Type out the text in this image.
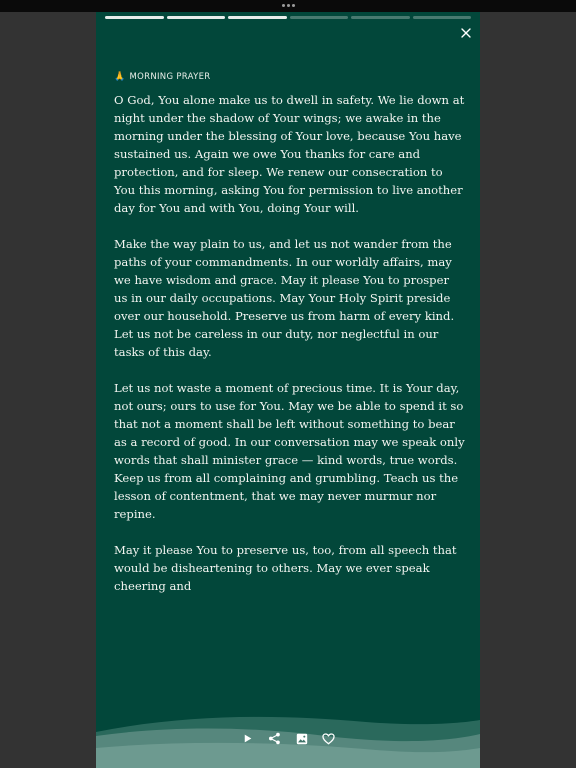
🙏 MORNING PRAYER

O God, You alone make us to dwell in safety. We lie down at night under the shadow of Your wings; we awake in the morning under the blessing of Your love, because You have sustained us. Again we owe You thanks for care and protection, and for sleep. We renew our consecration to You this morning, asking You for permission to live another day for You and with You, doing Your will.

Make the way plain to us, and let us not wander from the paths of your commandments. In our worldly affairs, may we have wisdom and grace. May it please You to prosper us in our daily occupations. May Your Holy Spirit preside over our household. Preserve us from harm of every kind. Let us not be careless in our duty, nor neglectful in our tasks of this day.

Let us not waste a moment of precious time. It is Your day, not ours; ours to use for You. May we be able to spend it so that not a moment shall be left without something to bear as a record of good. In our conversation may we speak only words that shall minister grace — kind words, true words. Keep us from all complaining and grumbling. Teach us the lesson of contentment, that we may never murmur nor repine.

May it please You to preserve us, too, from all speech that would be disheartening to others. May we ever speak cheering and
